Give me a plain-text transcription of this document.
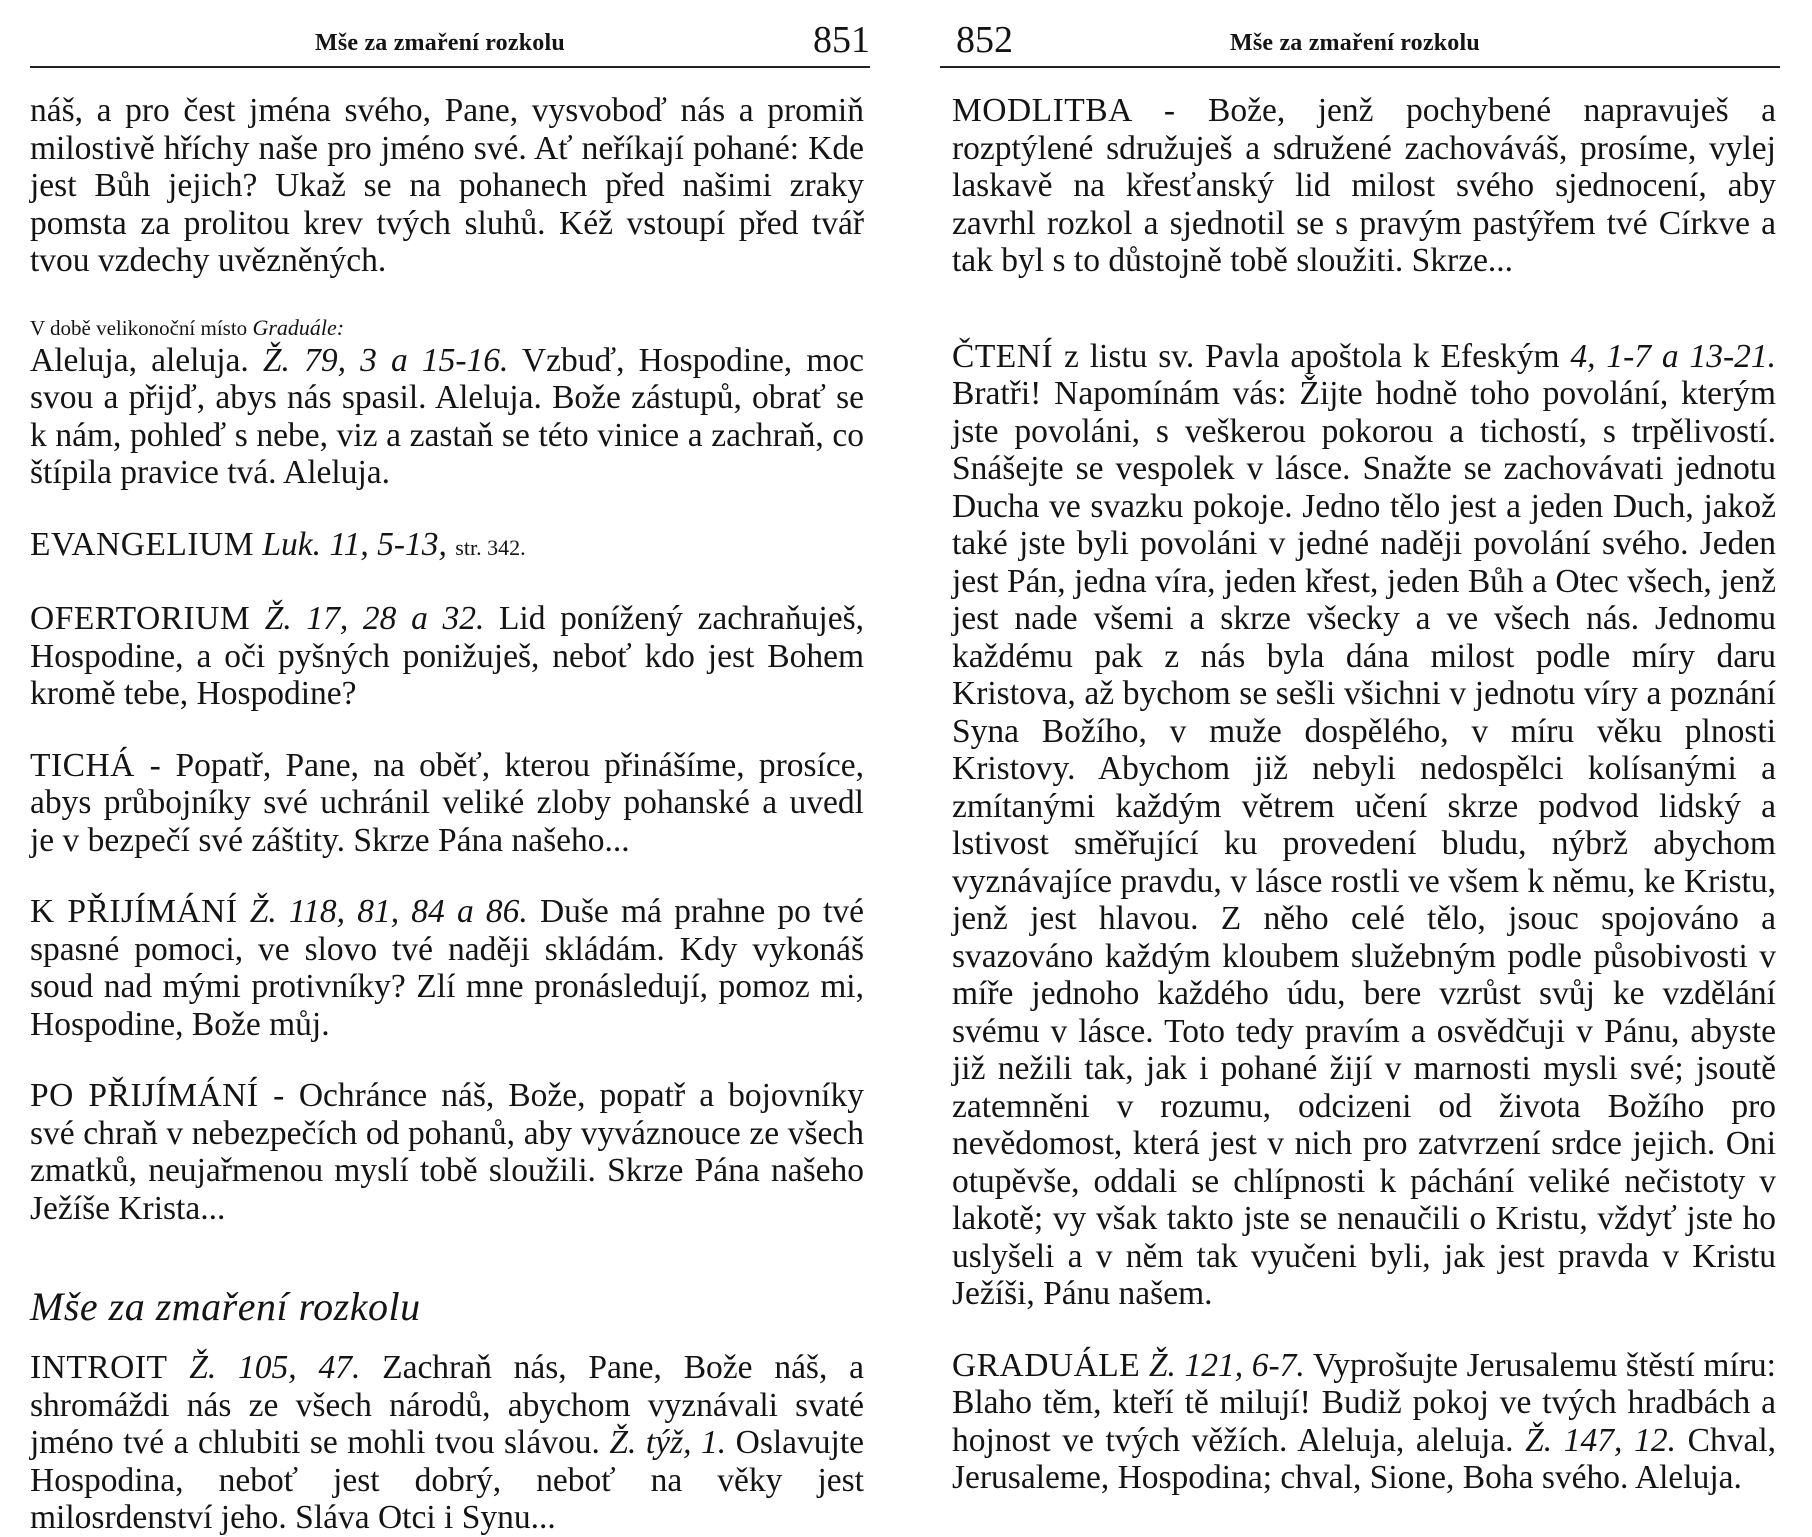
Mše za zmaření rozkolu	851

náš, a pro čest jména svého, Pane, vysvoboď nás a promiň milostivě hříchy naše pro jméno své. Ať neříkají pohané: Kde jest Bůh jejich? Ukaž se na pohanech před našimi zraky pomsta za prolitou krev tvých sluhů. Kéž vstoupí před tvář tvou vzdechy uvězněných.

V době velikonoční místo Graduále:

Aleluja, aleluja. Ž. 79, 3 a 15-16. Vzbuď, Hospodine, moc svou a přijď, abys nás spasil. Aleluja. Bože zástupů, obrať se k nám, pohleď s nebe, viz a zastaň se této vinice a zachraň, co štípila pravice tvá. Aleluja.

EVANGELIUM Luk. 11, 5-13, str. 342.

OFERTORIUM Ž. 17, 28 a 32. Lid ponížený zachraňuješ, Hospodine, a oči pyšných ponižuješ, neboť kdo jest Bohem kromě tebe, Hospodine?

TICHÁ - Popatř, Pane, na oběť, kterou přinášíme, prosíce, abys průbojníky své uchránil veliké zloby pohanské a uvedl je v bezpečí své záštity. Skrze Pána našeho...

K PŘIJÍMÁNÍ Ž. 118, 81, 84 a 86. Duše má prahne po tvé spasné pomoci, ve slovo tvé naději skládám. Kdy vykonáš soud nad mými protivníky? Zlí mne pronásledují, pomoz mi, Hospodine, Bože můj.

PO PŘIJÍMÁNÍ - Ochránce náš, Bože, popatř a bojovníky své chraň v nebezpečích od pohanů, aby vyváznouce ze všech zmatků, neujařmenou myslí tobě sloužili. Skrze Pána našeho Ježíše Krista...

Mše za zmaření rozkolu

INTROIT Ž. 105, 47. Zachraň nás, Pane, Bože náš, a shromáždi nás ze všech národů, abychom vyznávali svaté jméno tvé a chlubiti se mohli tvou slávou. Ž. týž, 1. Oslavujte Hospodina, neboť jest dobrý, neboť na věky jest milosrdenství jeho. Sláva Otci i Synu...

852	Mše za zmaření rozkolu

MODLITBA - Bože, jenž pochybené napravuješ a rozptýlené sdružuješ a sdružené zachováváš, prosíme, vylej laskavě na křesťanský lid milost svého sjednocení, aby zavrhl rozkol a sjednotil se s pravým pastýřem tvé Církve a tak byl s to důstojně tobě sloužiti. Skrze...

ČTENÍ z listu sv. Pavla apoštola k Efeským 4, 1-7 a 13-21. Bratři! Napomínám vás: Žijte hodně toho povolání, kterým jste povoláni, s veškerou pokorou a tichostí, s trpělivostí. Snášejte se vespolek v lásce. Snažte se zachovávati jednotu Ducha ve svazku pokoje. Jedno tělo jest a jeden Duch, jakož také jste byli povoláni v jedné naději povolání svého. Jeden jest Pán, jedna víra, jeden křest, jeden Bůh a Otec všech, jenž jest nade všemi a skrze všecky a ve všech nás. Jednomu každému pak z nás byla dána milost podle míry daru Kristova, až bychom se sešli všichni v jednotu víry a poznání Syna Božího, v muže dospělého, v míru věku plnosti Kristovy. Abychom již nebyli nedospělci kolísanými a zmítanými každým větrem učení skrze podvod lidský a lstivost směřující ku provedení bludu, nýbrž abychom vyznávajíce pravdu, v lásce rostli ve všem k němu, ke Kristu, jenž jest hlavou. Z něho celé tělo, jsouc spojováno a svazováno každým kloubem služebným podle působivosti v míře jednoho každého údu, bere vzrůst svůj ke vzdělání svému v lásce. Toto tedy pravím a osvědčuji v Pánu, abyste již nežili tak, jak i pohané žijí v marnosti mysli své; jsoutě zatemněni v rozumu, odcizeni od života Božího pro nevědomost, která jest v nich pro zatvrzení srdce jejich. Oni otupěvše, oddali se chlípnosti k páchání veliké nečistoty v lakotě; vy však takto jste se nenaučili o Kristu, vždyť jste ho uslyšeli a v něm tak vyučeni byli, jak jest pravda v Kristu Ježíši, Pánu našem.

GRADUÁLE Ž. 121, 6-7. Vyprošujte Jerusalemu štěstí míru: Blaho těm, kteří tě milují! Budiž pokoj ve tvých hradbách a hojnost ve tvých věžích. Aleluja, aleluja. Ž. 147, 12. Chval, Jerusaleme, Hospodina; chval, Sione, Boha svého. Aleluja.
